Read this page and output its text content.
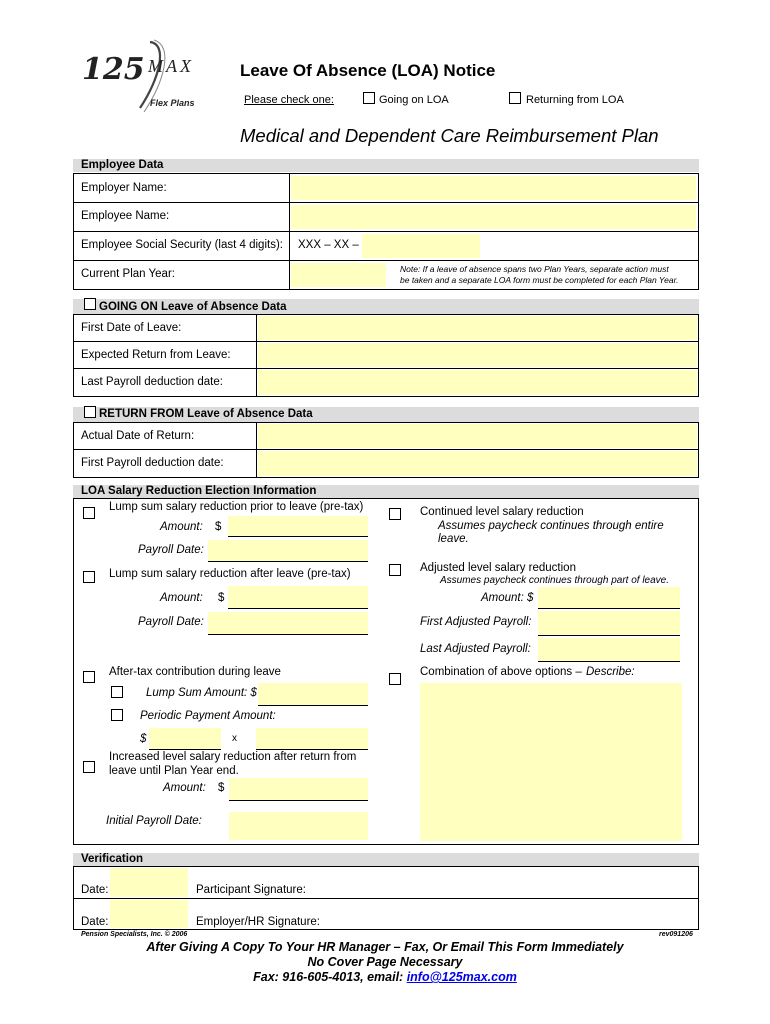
125 MAX
Flex Plans
Leave Of Absence (LOA) Notice
Please check one:	Going on LOA	Returning from LOA
Medical and Dependent Care Reimbursement Plan
Employee Data
Employer Name:
Employee Name:
Employee Social Security (last 4 digits): XXX – XX –
Current Plan Year:	Note: If a leave of absence spans two Plan Years, separate action must
be taken and a separate LOA form must be completed for each Plan Year.
GOING ON Leave of Absence Data
First Date of Leave:
Expected Return from Leave:
Last Payroll deduction date:
RETURN FROM Leave of Absence Data
Actual Date of Return:
First Payroll deduction date:
LOA Salary Reduction Election Information
Lump sum salary reduction prior to leave (pre-tax)
Amount: $
Payroll Date:
Lump sum salary reduction after leave (pre-tax)
Amount: $
Payroll Date:
After-tax contribution during leave
Lump Sum Amount: $
Periodic Payment Amount:
$	x
Increased level salary reduction after return from
leave until Plan Year end.
Amount: $
Initial Payroll Date:
Continued level salary reduction
Assumes paycheck continues through entire
leave.
Adjusted level salary reduction
Assumes paycheck continues through part of leave.
Amount: $
First Adjusted Payroll:
Last Adjusted Payroll:
Combination of above options – Describe:
Verification
Date:	Participant Signature:
Date:	Employer/HR Signature:
Pension Specialists, Inc. © 2006	rev091206
After Giving A Copy To Your HR Manager – Fax, Or Email This Form Immediately
No Cover Page Necessary
Fax: 916-605-4013, email: info@125max.com
